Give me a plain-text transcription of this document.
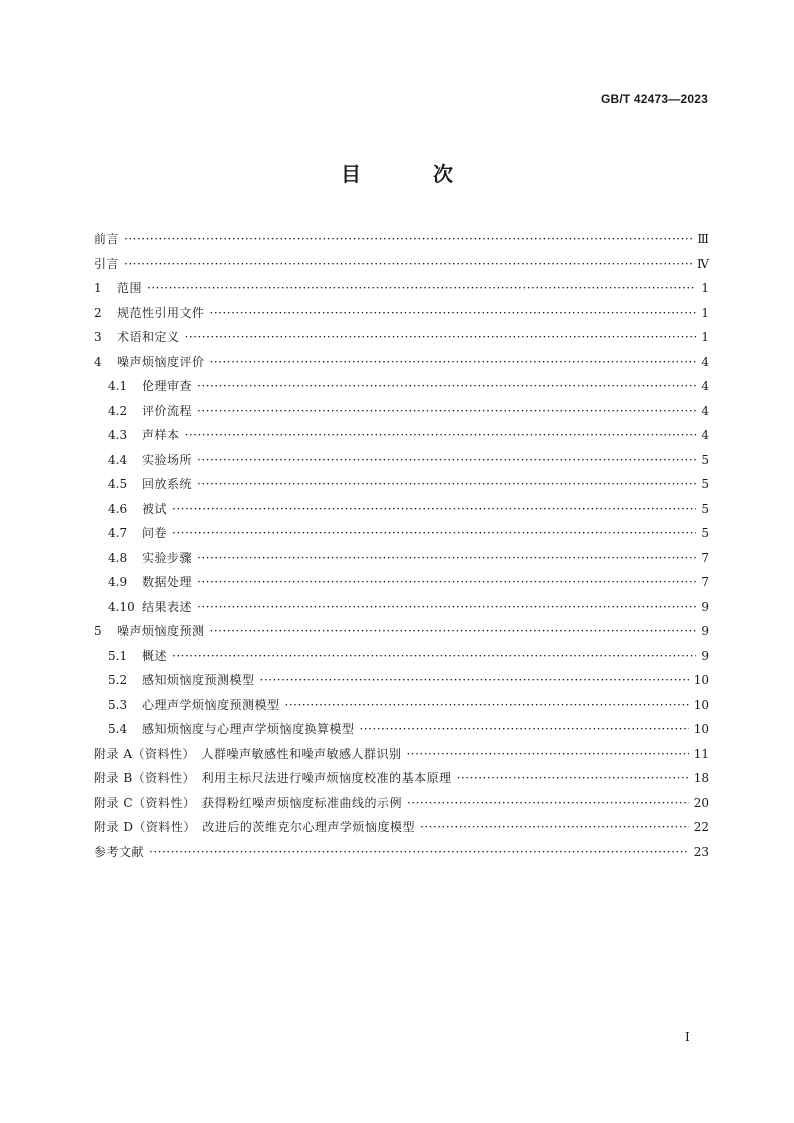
GB/T 42473—2023
目　次
前言 ·····	Ⅲ
引言 ·····	Ⅳ
1	范围 ·····	1
2	规范性引用文件 ·····	1
3	术语和定义 ·····	1
4	噪声烦恼度评价 ·····	4
4.1	伦理审查 ·····	4
4.2	评价流程 ·····	4
4.3	声样本 ·····	4
4.4	实验场所 ·····	5
4.5	回放系统 ·····	5
4.6	被试 ·····	5
4.7	问卷 ·····	5
4.8	实验步骤 ·····	7
4.9	数据处理 ·····	7
4.10 结果表述 ·····	9
5	噪声烦恼度预测 ·····	9
5.1	概述 ·····	9
5.2	感知烦恼度预测模型 ·····	10
5.3	心理声学烦恼度预测模型 ·····	10
5.4	感知烦恼度与心理声学烦恼度换算模型 ·····	10
附录 A（资料性）　人群噪声敏感性和噪声敏感人群识别 ·····	11
附录 B（资料性）　利用主标尺法进行噪声烦恼度校准的基本原理 ·····	18
附录 C（资料性）　获得粉红噪声烦恼度标准曲线的示例 ·····	20
附录 D（资料性）　改进后的茨维克尔心理声学烦恼度模型 ·····	22
参考文献 ·····	23
Ⅰ
